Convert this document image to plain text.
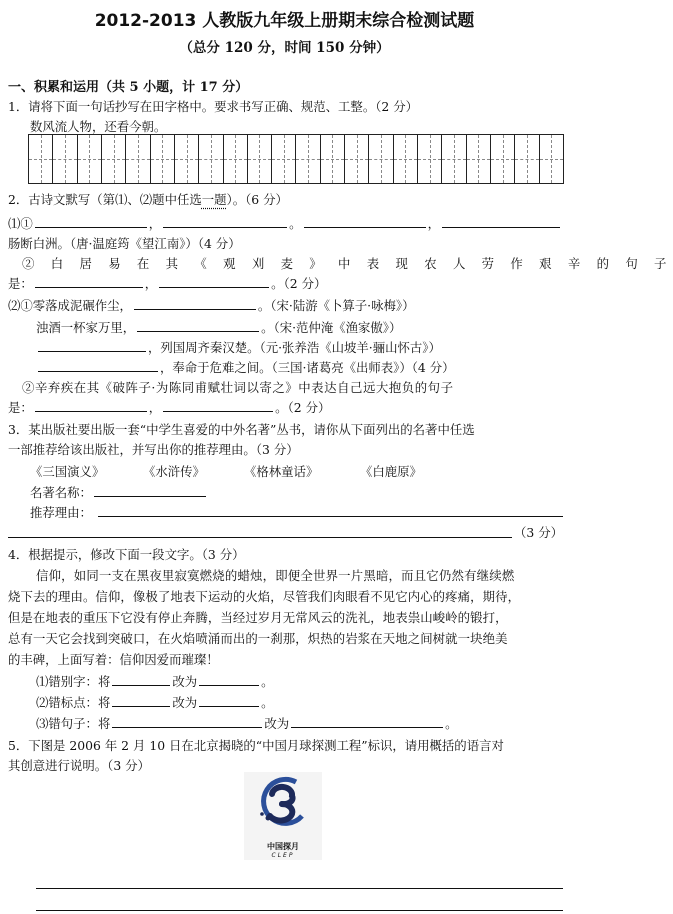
2012-2013 人教版九年级上册期末综合检测试题
（总分 120 分，时间 150 分钟）
一、积累和运用（共 5 小题，计 17 分）
1．请将下面一句话抄写在田字格中。要求书写正确、规范、工整。（2 分）
数风流人物，还看今朝。
2．古诗文默写（第⑴、⑵题中任选一题）。（6 分）
⑴①	，	。	，
肠断白洲。（唐·温庭筠《望江南》）（4 分）
② 白 居 易 在 其 《 观 刈 麦 》 中 表 现 农 人 劳 作 艰 辛 的 句 子
是：	，	。（2 分）
⑵①零落成泥碾作尘，	。（宋·陆游《卜算子·咏梅》）
浊酒一杯家万里，	。（宋·范仲淹《渔家傲》）
，列国周齐秦汉楚。（元·张养浩《山坡羊·骊山怀古》）
，奉命于危难之间。（三国·诸葛亮《出师表》）（4 分）
②辛弃疾在其《破阵子·为陈同甫赋壮词以寄之》中表达自己远大抱负的句子
是：	，	。（2 分）
3．某出版社要出版一套“中学生喜爱的中外名著”丛书，请你从下面列出的名著中任选
一部推荐给该出版社，并写出你的推荐理由。（3 分）
《三国演义》	《水浒传》	《格林童话》	《白鹿原》
名著名称：
推荐理由：
（3 分）
4．根据提示，修改下面一段文字。（3 分）
信仰，如同一支在黑夜里寂寞燃烧的蜡烛，即便全世界一片黑暗，而且它仍然有继续燃
烧下去的理由。信仰，像极了地表下运动的火焰，尽管我们肉眼看不见它内心的疼痛，期待，
但是在地表的重压下它没有停止奔腾，当经过岁月无常风云的洗礼，地表祟山峻岭的锻打，
总有一天它会找到突破口，在火焰喷涌而出的一刹那，炽热的岩浆在天地之间树就一块绝美
的丰碑，上面写着：信仰因爱而璀璨！
⑴错别字：将	改为	。
⑵错标点：将	改为	。
⑶错句子：将	改为	。
5．下图是 2006 年 2 月 10 日在北京揭晓的“中国月球探测工程”标识，请用概括的语言对
其创意进行说明。（3 分）
中国探月
CLEP
